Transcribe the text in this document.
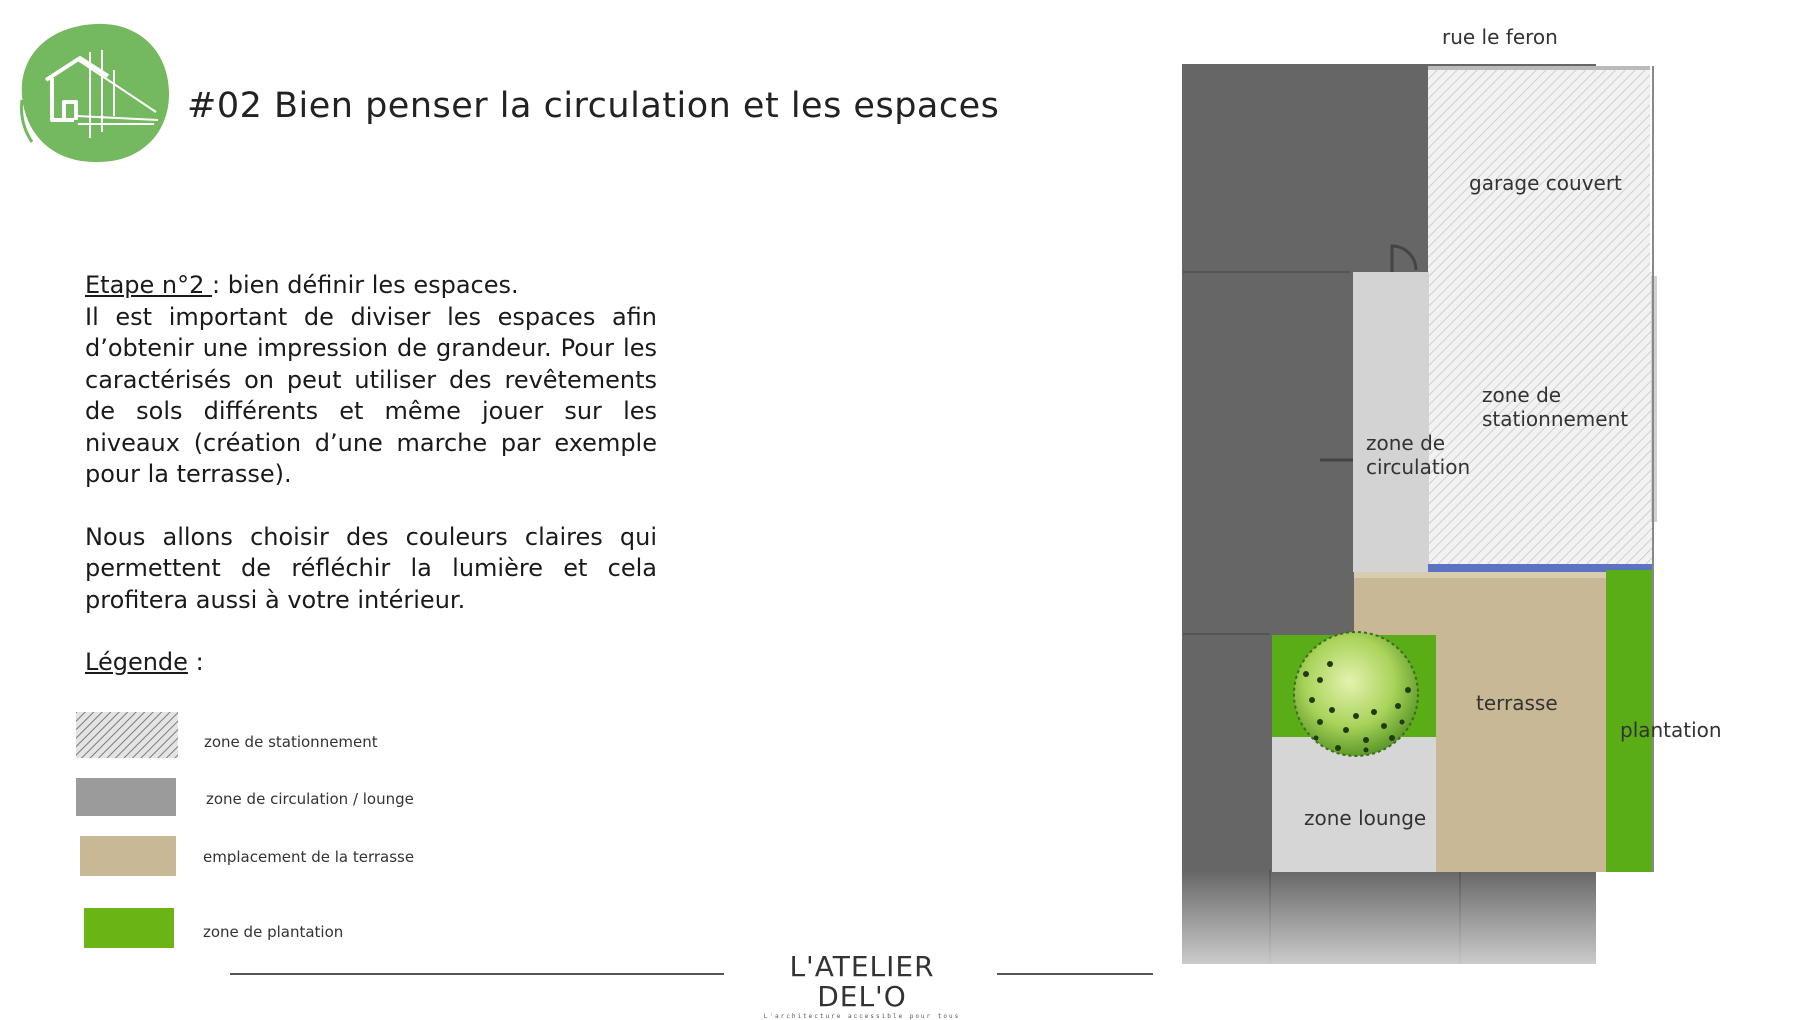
#02 Bien penser la circulation et les espaces
Etape n°2 : bien définir les espaces.

Il est important de diviser les espaces afin d’obtenir une impression de grandeur. Pour les caractérisés on peut utiliser des revêtements de sols différents et même jouer sur les niveaux (création d’une marche par exemple pour la terrasse).

Nous allons choisir des couleurs claires qui permettent de réfléchir la lumière et cela profitera aussi à votre intérieur.

Légende :
zone de stationnement
zone de circulation / lounge
emplacement de la terrasse
zone de plantation
L'ATELIER DEL'O
L'architecture accessible pour tous
rue le feron
garage couvert
zone de
stationnement
zone de
circulation
terrasse
plantation
zone lounge
